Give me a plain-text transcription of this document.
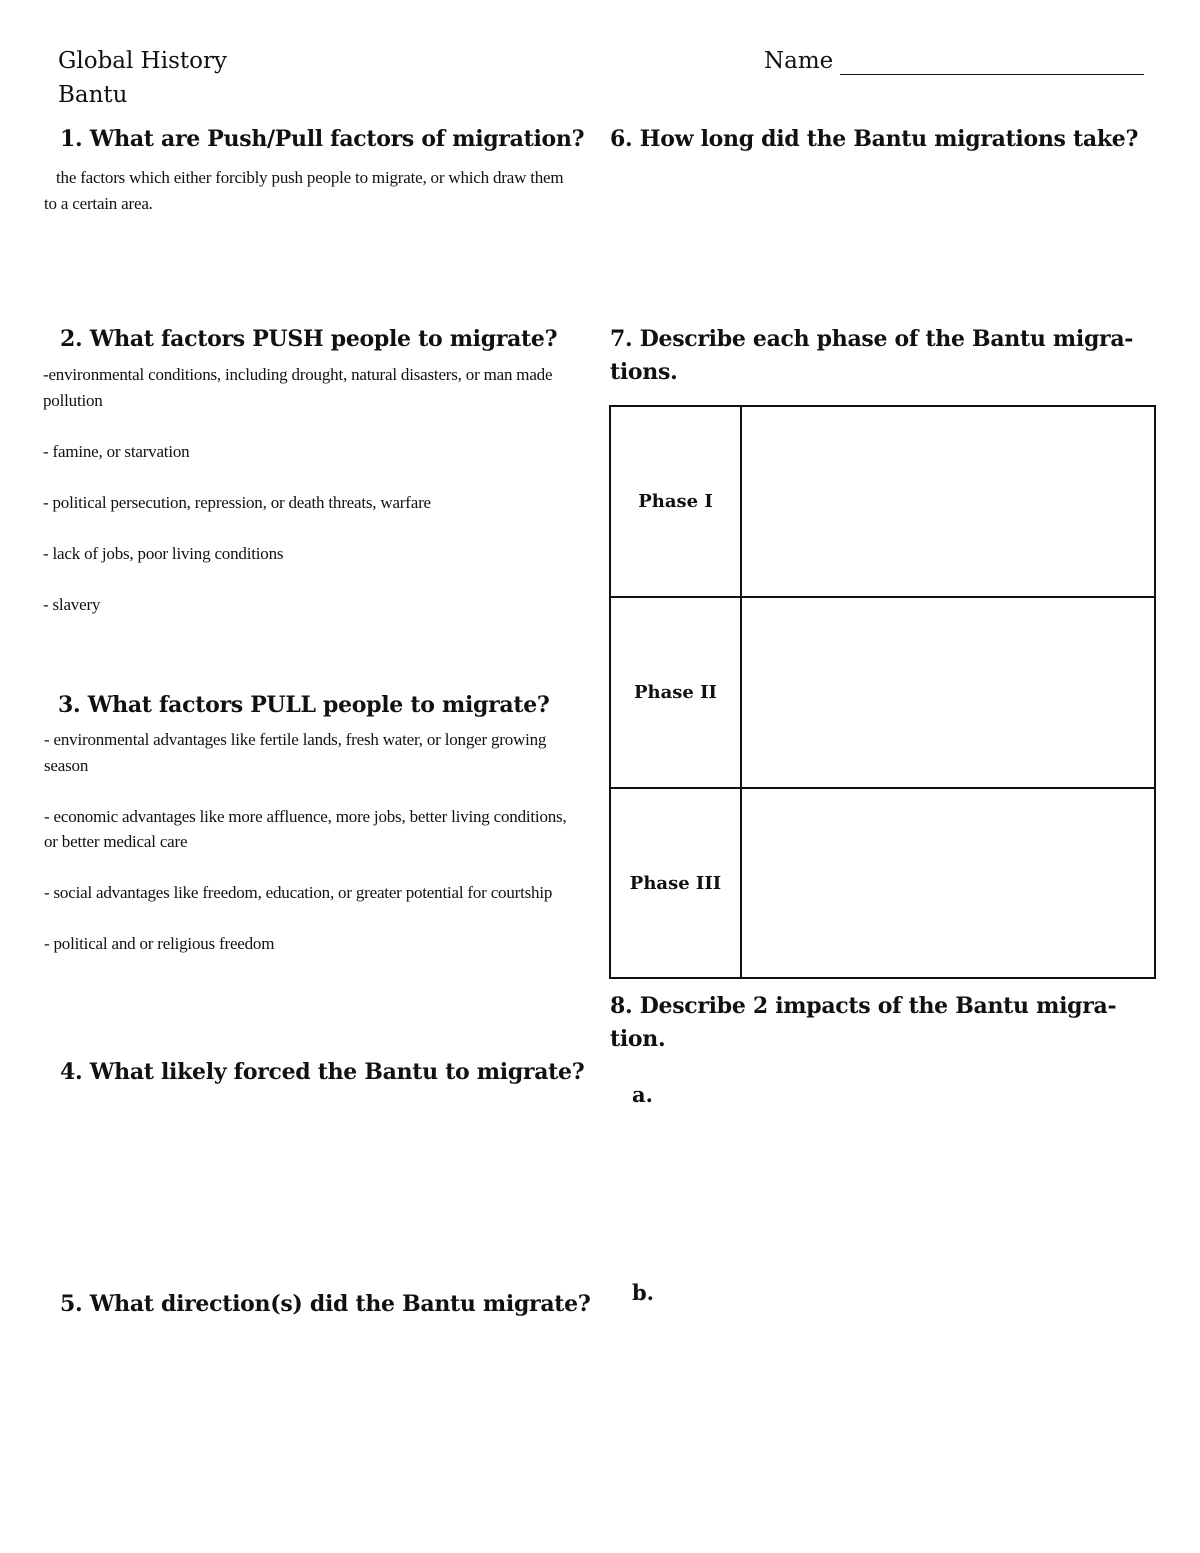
Global History
Bantu
Name
1. What are Push/Pull factors of migration?
the factors which either forcibly push people to migrate, or which draw them to a certain area.
2. What factors PUSH people to migrate?

-environmental conditions, including drought, natural disasters, or man made pollution

- famine, or starvation

- political persecution, repression, or death threats, warfare

- lack of jobs, poor living conditions

- slavery

3. What factors PULL people to migrate?

- environmental advantages like fertile lands, fresh water, or longer growing season

- economic advantages like more affluence, more jobs, better living conditions, or better medical care

- social advantages like freedom, education, or greater potential for courtship

- political and or religious freedom

4. What likely forced the Bantu to migrate?
5. What direction(s) did the Bantu migrate?
6. How long did the Bantu migrations take?
7. Describe each phase of the Bantu migra-
tions.
Phase I
Phase II
Phase III
8. Describe 2 impacts of the Bantu migra-
tion.
a.
b.
